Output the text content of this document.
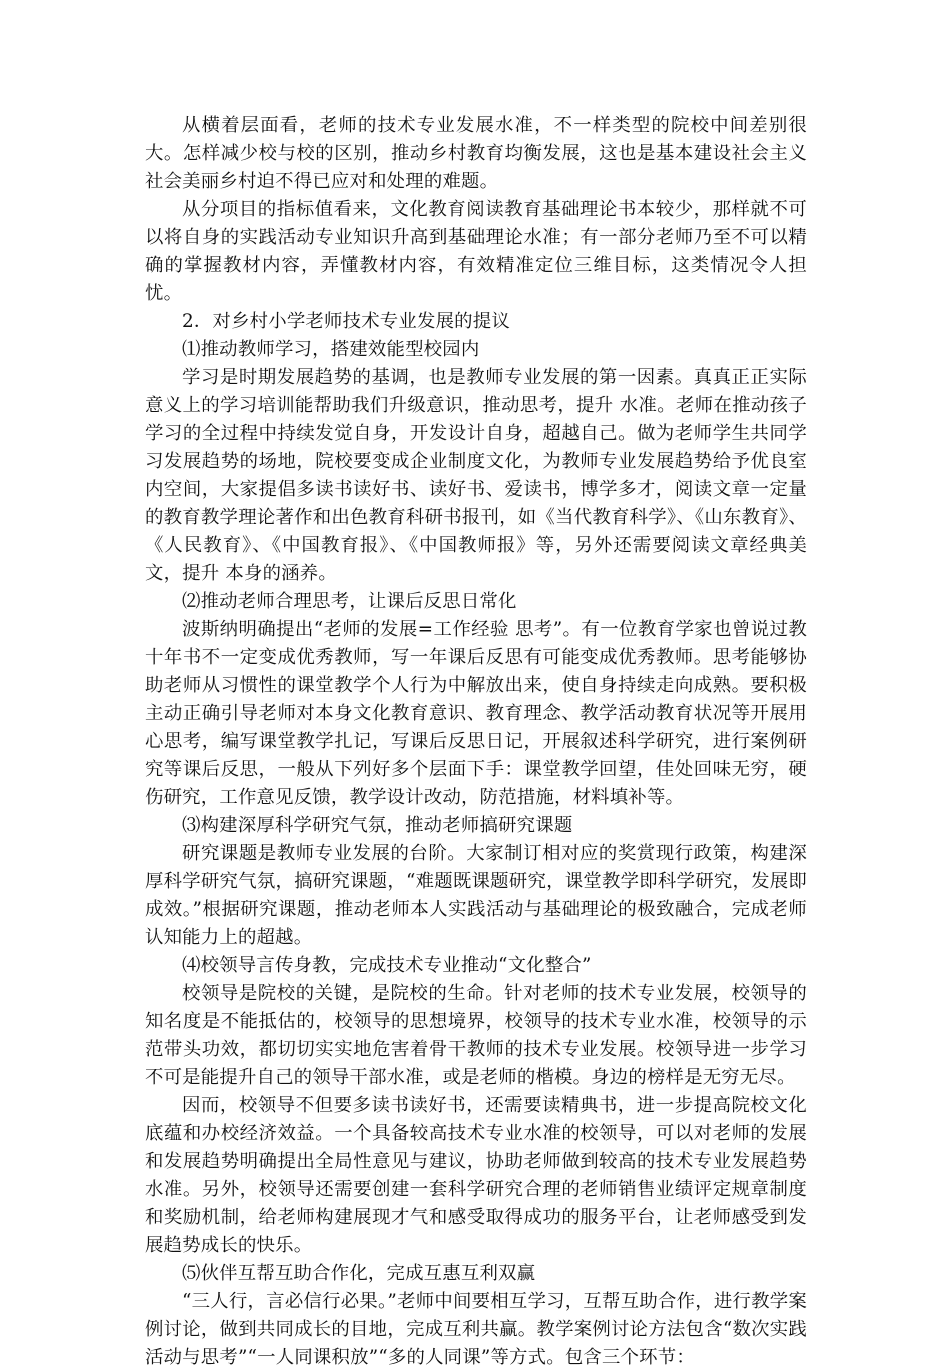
从横着层面看，老师的技术专业发展水准，不一样类型的院校中间差别很大。怎样减少校与校的区别，推动乡村教育均衡发展，这也是基本建设社会主义社会美丽乡村迫不得已应对和处理的难题。

从分项目的指标值看来，文化教育阅读教育基础理论书本较少，那样就不可以将自身的实践活动专业知识升高到基础理论水准；有一部分老师乃至不可以精确的掌握教材内容，弄懂教材内容，有效精准定位三维目标，这类情况令人担忧。

2．对乡村小学老师技术专业发展的提议

⑴推动教师学习，搭建效能型校园内

学习是时期发展趋势的基调，也是教师专业发展的第一因素。真真正正实际意义上的学习培训能帮助我们升级意识，推动思考，提升 水准。老师在推动孩子学习的全过程中持续发觉自身，开发设计自身，超越自己。做为老师学生共同学习发展趋势的场地，院校要变成企业制度文化，为教师专业发展趋势给予优良室内空间，大家提倡多读书读好书、读好书、爱读书，博学多才，阅读文章一定量的教育教学理论著作和出色教育科研书报刊，如《当代教育科学》、《山东教育》、《人民教育》、《中国教育报》、《中国教师报》等，另外还需要阅读文章经典美文，提升 本身的涵养。

⑵推动老师合理思考，让课后反思日常化

波斯纳明确提出“老师的发展=工作经验 思考”。有一位教育学家也曾说过教十年书不一定变成优秀教师，写一年课后反思有可能变成优秀教师。思考能够协助老师从习惯性的课堂教学个人行为中解放出来，使自身持续走向成熟。要积极主动正确引导老师对本身文化教育意识、教育理念、教学活动教育状况等开展用心思考，编写课堂教学扎记，写课后反思日记，开展叙述科学研究，进行案例研究等课后反思，一般从下列好多个层面下手：课堂教学回望，佳处回味无穷，硬伤研究，工作意见反馈，教学设计改动，防范措施，材料填补等。

⑶构建深厚科学研究气氛，推动老师搞研究课题

研究课题是教师专业发展的台阶。大家制订相对应的奖赏现行政策，构建深厚科学研究气氛，搞研究课题，“难题既课题研究，课堂教学即科学研究，发展即成效。”根据研究课题，推动老师本人实践活动与基础理论的极致融合，完成老师认知能力上的超越。

⑷校领导言传身教，完成技术专业推动“文化整合”

校领导是院校的关键，是院校的生命。针对老师的技术专业发展，校领导的知名度是不能抵估的，校领导的思想境界，校领导的技术专业水准，校领导的示范带头功效，都切切实实地危害着骨干教师的技术专业发展。校领导进一步学习不可是能提升自己的领导干部水准，或是老师的楷模。身边的榜样是无穷无尽。

因而，校领导不但要多读书读好书，还需要读精典书，进一步提高院校文化底蕴和办校经济效益。一个具备较高技术专业水准的校领导，可以对老师的发展和发展趋势明确提出全局性意见与建议，协助老师做到较高的技术专业发展趋势水准。另外，校领导还需要创建一套科学研究合理的老师销售业绩评定规章制度和奖励机制，给老师构建展现才气和感受取得成功的服务平台，让老师感受到发展趋势成长的快乐。

⑸伙伴互帮互助合作化，完成互惠互利双赢

“三人行，言必信行必果。”老师中间要相互学习，互帮互助合作，进行教学案例讨论，做到共同成长的目地，完成互利共赢。教学案例讨论方法包含“数次实践活动与思考”“一人同课积放”“多的人同课”等方式。包含三个环节：
